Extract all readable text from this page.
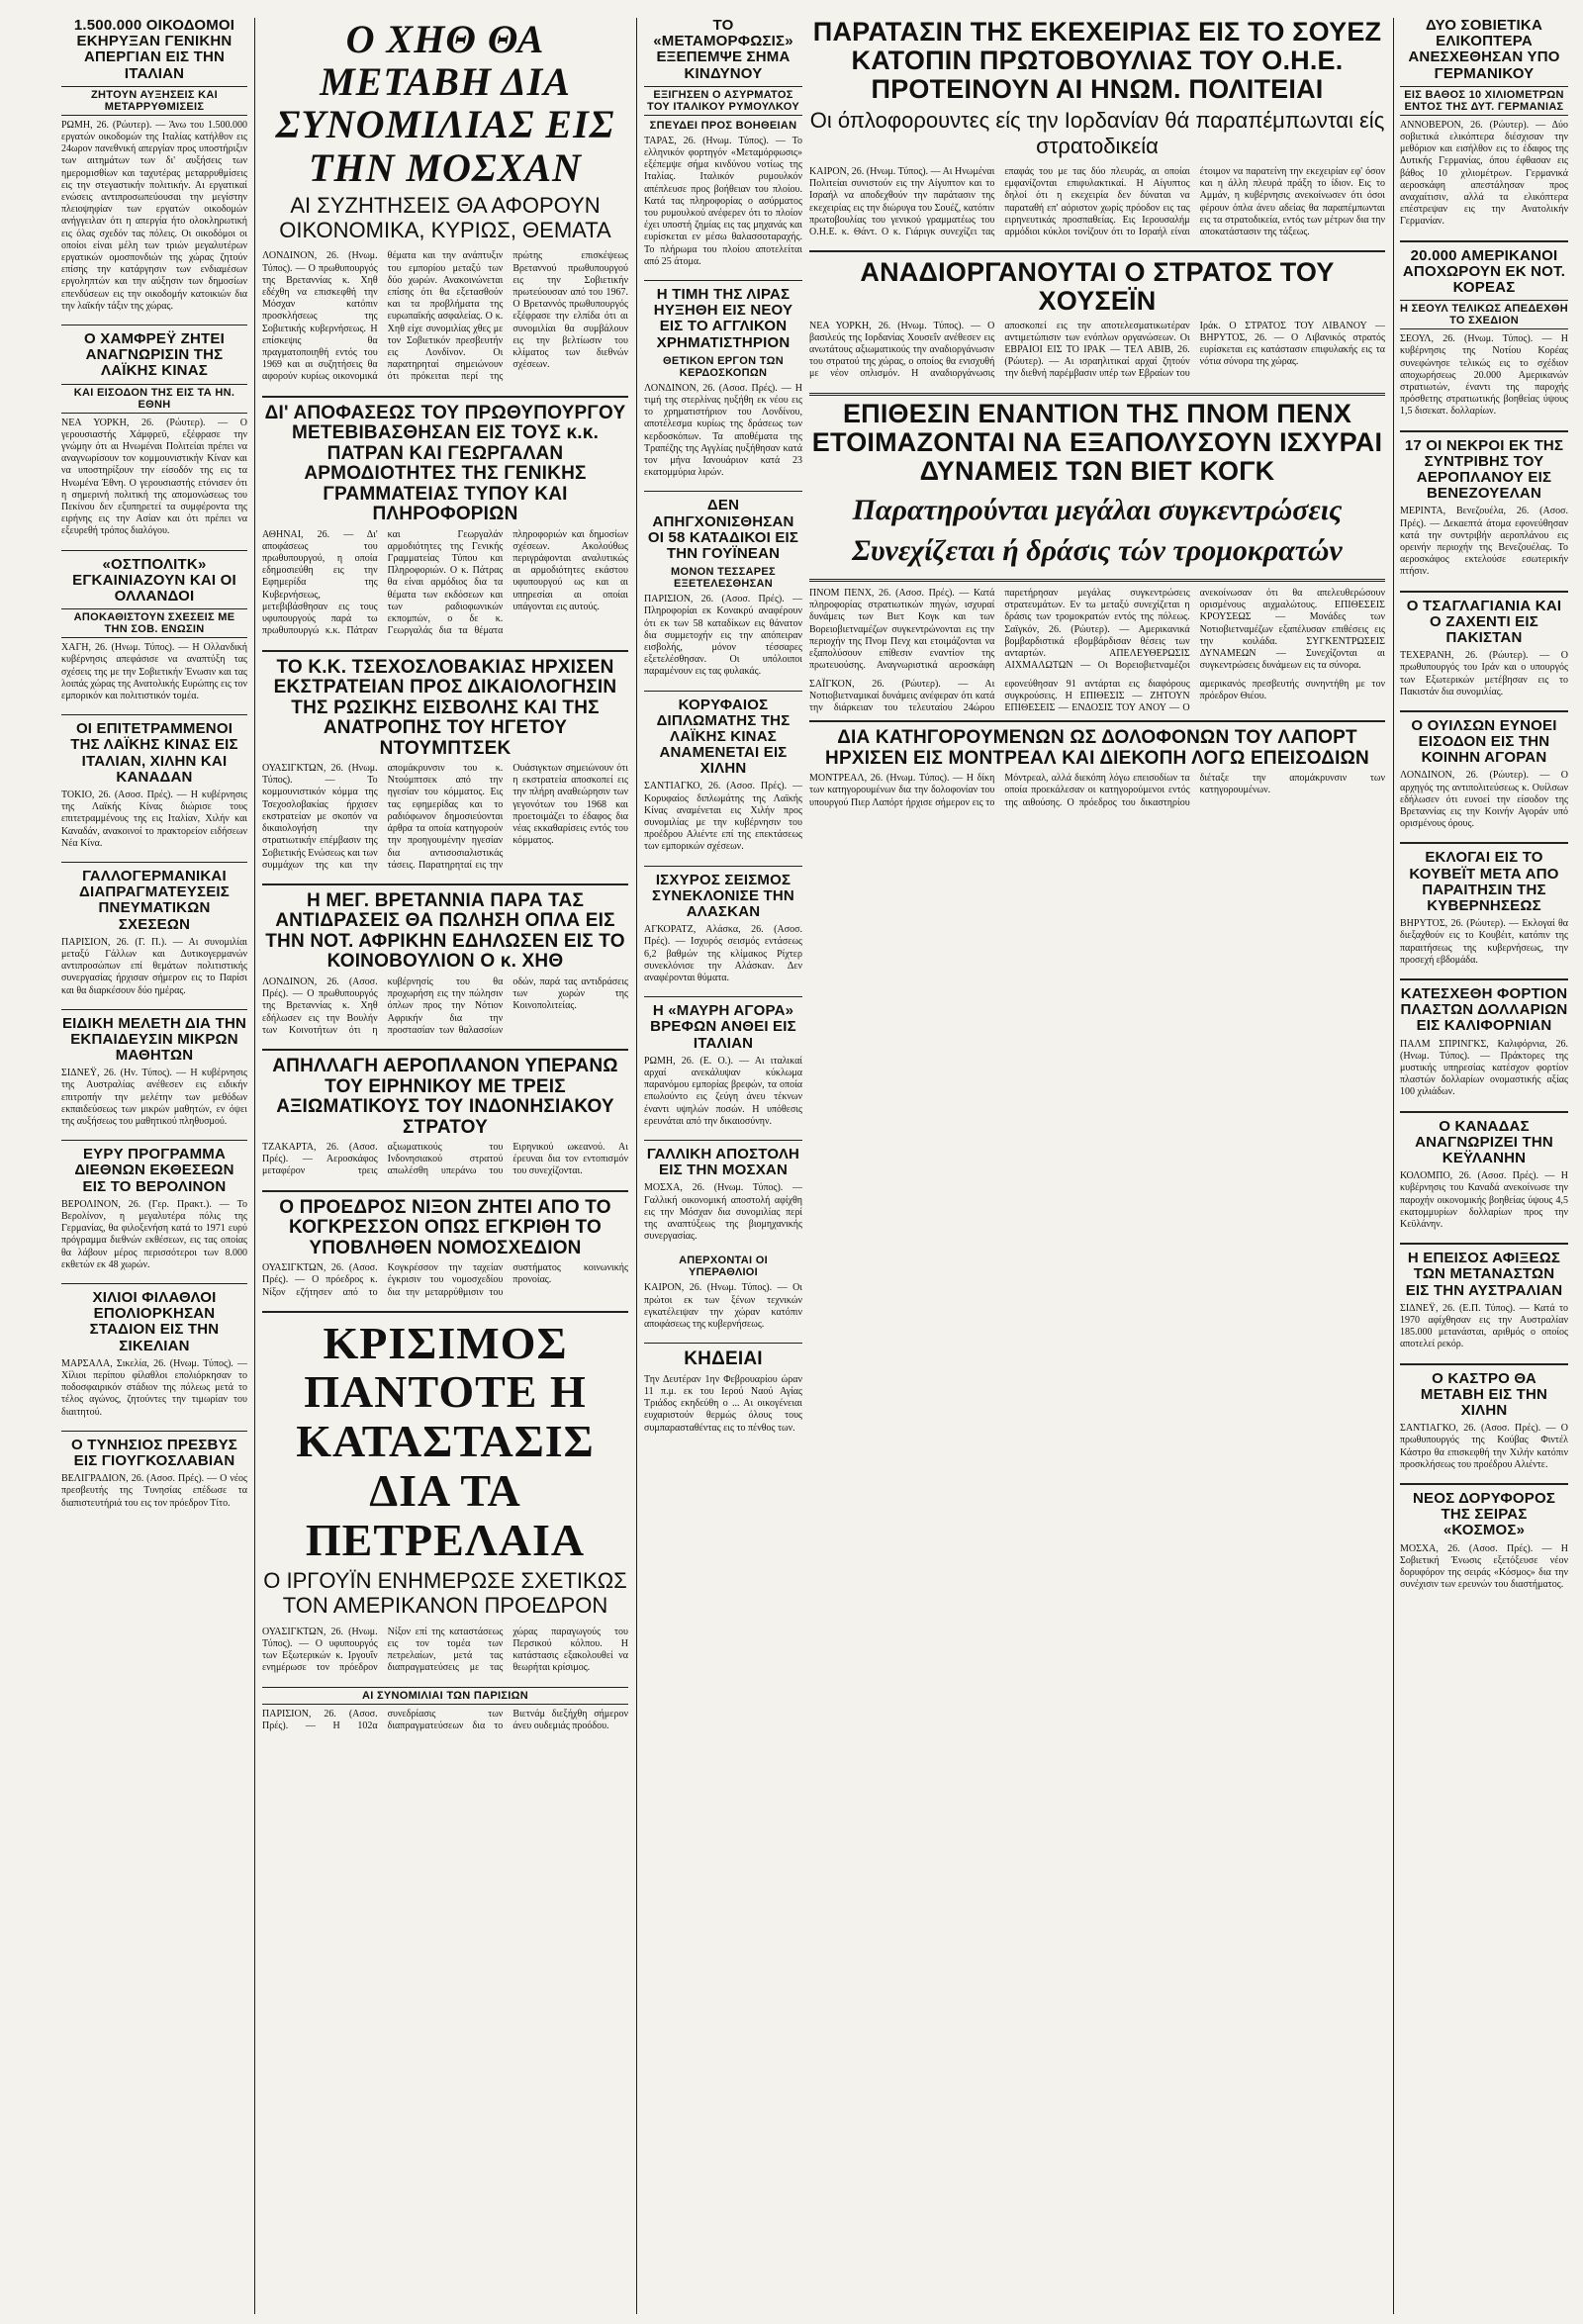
1.500.000 ΟΙΚΟΔΟΜΟΙ ΕΚΗΡΥΞΑΝ ΓΕΝΙΚΗΝ ΑΠΕΡΓΙΑΝ ΕΙΣ ΤΗΝ ΙΤΑΛΙΑΝ
ΖΗΤΟΥΝ ΑΥΞΗΣΕΙΣ ΚΑΙ ΜΕΤΑΡΡΥΘΜΙΣΕΙΣ

ΡΩΜΗ, 26. (Ρώυτερ). — Άνω του 1.500.000 εργατών οικοδομών της Ιταλίας κατήλθον εις 24ωρον πανεθνική απεργίαν προς υποστήριξιν των αιτημάτων των δι' αυξήσεις των ημερομισθίων και ταχυτέρας μεταρρυθμίσεις εις την στεγαστικήν πολιτικήν. Αι εργατικαί ενώσεις αντιπροσωπεύουσαι την μεγίστην πλειοψηφίαν των εργατών οικοδομών ανήγγειλαν ότι η απεργία ήτο ολοκληρωτική εις όλας σχεδόν τας πόλεις. Οι οικοδόμοι οι οποίοι είναι μέλη των τριών μεγαλυτέρων εργατικών ομοσπονδιών της χώρας ζητούν επίσης την κατάργησιν των ενδιαμέσων εργοληπτών και την αύξησιν των δημοσίων επενδύσεων εις την οικοδομήν κατοικιών δια την λαϊκήν τάξιν της χώρας.

Ο ΧΑΜΦΡΕΫ ΖΗΤΕΙ ΑΝΑΓΝΩΡΙΣΙΝ ΤΗΣ ΛΑΪΚΗΣ ΚΙΝΑΣ
ΚΑΙ ΕΙΣΟΔΟΝ ΤΗΣ ΕΙΣ ΤΑ ΗΝ. ΕΘΝΗ

ΝΕΑ ΥΟΡΚΗ, 26. (Ρώυτερ). — Ο γερουσιαστής Χάμφρεϋ, εξέφρασε την γνώμην ότι αι Ηνωμέναι Πολιτείαι πρέπει να αναγνωρίσουν τον κομμουνιστικήν Κίναν και να υποστηρίξουν την είσοδόν της εις τα Ηνωμένα Έθνη. Ο γερουσιαστής ετόνισεν ότι η σημερινή πολιτική της απομονώσεως του Πεκίνου δεν εξυπηρετεί τα συμφέροντα της ειρήνης εις την Ασίαν και ότι πρέπει να εξευρεθή τρόπος διαλόγου.

«ΟΣΤΠΟΛΙΤΚ» ΕΓΚΑΙΝΙΑΖΟΥΝ ΚΑΙ ΟΙ ΟΛΛΑΝΔΟΙ
ΑΠΟΚΑΘΙΣΤΟΥΝ ΣΧΕΣΕΙΣ ΜΕ ΤΗΝ ΣΟΒ. ΕΝΩΣΙΝ

ΧΑΓΗ, 26. (Ηνωμ. Τύπος). — Η Ολλανδική κυβέρνησις απεφάσισε να αναπτύξη τας σχέσεις της με την Σοβιετικήν Ένωσιν και τας λοιπάς χώρας της Ανατολικής Ευρώπης εις τον εμπορικόν και πολιτιστικόν τομέα.

ΟΙ ΕΠΙΤΕΤΡΑΜΜΕΝΟΙ ΤΗΣ ΛΑΪΚΗΣ ΚΙΝΑΣ ΕΙΣ ΙΤΑΛΙΑΝ, ΧΙΛΗΝ ΚΑΙ ΚΑΝΑΔΑΝ

ΤΟΚΙΟ, 26. (Ασοσ. Πρές). — Η κυβέρνησις της Λαϊκής Κίνας διώρισε τους επιτετραμμένους της εις Ιταλίαν, Χιλήν και Καναδάν, ανακοινοί το πρακτορείον ειδήσεων Νέα Κίνα.

ΓΑΛΛΟΓΕΡΜΑΝΙΚΑΙ ΔΙΑΠΡΑΓΜΑΤΕΥΣΕΙΣ ΠΝΕΥΜΑΤΙΚΩΝ ΣΧΕΣΕΩΝ

ΠΑΡΙΣΙΟΝ, 26. (Γ. Π.). — Αι συνομιλίαι μεταξύ Γάλλων και Δυτικογερμανών αντιπροσώπων επί θεμάτων πολιτιστικής συνεργασίας ήρχισαν σήμερον εις το Παρίσι και θα διαρκέσουν δύο ημέρας.

ΕΙΔΙΚΗ ΜΕΛΕΤΗ ΔΙΑ ΤΗΝ ΕΚΠΑΙΔΕΥΣΙΝ ΜΙΚΡΩΝ ΜΑΘΗΤΩΝ

ΣΙΔΝΕΫ, 26. (Ην. Τύπος). — Η κυβέρνησις της Αυστραλίας ανέθεσεν εις ειδικήν επιτροπήν την μελέτην των μεθόδων εκπαιδεύσεως των μικρών μαθητών, εν όψει της αυξήσεως του μαθητικού πληθυσμού.

ΕΥΡΥ ΠΡΟΓΡΑΜΜΑ ΔΙΕΘΝΩΝ ΕΚΘΕΣΕΩΝ ΕΙΣ ΤΟ ΒΕΡΟΛΙΝΟΝ

ΒΕΡΟΛΙΝΟΝ, 26. (Γερ. Πρακτ.). — Το Βερολίνον, η μεγαλυτέρα πόλις της Γερμανίας, θα φιλοξενήση κατά το 1971 ευρύ πρόγραμμα διεθνών εκθέσεων, εις τας οποίας θα λάβουν μέρος περισσότεροι των 8.000 εκθετών εκ 48 χωρών.

ΧΙΛΙΟΙ ΦΙΛΑΘΛΟΙ ΕΠΟΛΙΟΡΚΗΣΑΝ ΣΤΑΔΙΟΝ ΕΙΣ ΤΗΝ ΣΙΚΕΛΙΑΝ

ΜΑΡΣΑΛΑ, Σικελία, 26. (Ηνωμ. Τύπος). — Χίλιοι περίπου φίλαθλοι επολιόρκησαν το ποδοσφαιρικόν στάδιον της πόλεως μετά το τέλος αγώνος, ζητούντες την τιμωρίαν του διαιτητού.

Ο ΤΥΝΗΣΙΟΣ ΠΡΕΣΒΥΣ ΕΙΣ ΓΙΟΥΓΚΟΣΛΑΒΙΑΝ

ΒΕΛΙΓΡΑΔΙΟΝ, 26. (Ασοσ. Πρές). — Ο νέος πρεσβευτής της Τυνησίας επέδωσε τα διαπιστευτήριά του εις τον πρόεδρον Τίτο.

Ο ΧΗΘ ΘΑ ΜΕΤΑΒΗ ΔΙΑ ΣΥΝΟΜΙΛΙΑΣ ΕΙΣ ΤΗΝ ΜΟΣΧΑΝ
ΑΙ ΣΥΖΗΤΗΣΕΙΣ ΘΑ ΑΦΟΡΟΥΝ ΟΙΚΟΝΟΜΙΚΑ, ΚΥΡΙΩΣ, ΘΕΜΑΤΑ

ΛΟΝΔΙΝΟΝ, 26. (Ηνωμ. Τύπος). — Ο πρωθυπουργός της Βρεταννίας κ. Χηθ εδέχθη να επισκεφθή την Μόσχαν κατόπιν προσκλήσεως της Σοβιετικής κυβερνήσεως. Η επίσκεψις θα πραγματοποιηθή εντός του 1969 και αι συζητήσεις θα αφορούν κυρίως οικονομικά θέματα και την ανάπτυξιν του εμπορίου μεταξύ των δύο χωρών. Ανακοινώνεται επίσης ότι θα εξετασθούν και τα προβλήματα της ευρωπαϊκής ασφαλείας. Ο κ. Χηθ είχε συνομιλίας χθες με τον Σοβιετικόν πρεσβευτήν εις Λονδίνον. Οι παρατηρηταί σημειώνουν ότι πρόκειται περί της πρώτης επισκέψεως Βρεταννού πρωθυπουργού εις την Σοβιετικήν πρωτεύουσαν από του 1967. Ο Βρεταννός πρωθυπουργός εξέφρασε την ελπίδα ότι αι συνομιλίαι θα συμβάλουν εις την βελτίωσιν του κλίματος των διεθνών σχέσεων.

ΔΙ' ΑΠΟΦΑΣΕΩΣ ΤΟΥ ΠΡΩΘΥΠΟΥΡΓΟΥ ΜΕΤΕΒΙΒΑΣΘΗΣΑΝ ΕΙΣ ΤΟΥΣ κ.κ. ΠΑΤΡΑΝ ΚΑΙ ΓΕΩΡΓΑΛΑΝ ΑΡΜΟΔΙΟΤΗΤΕΣ ΤΗΣ ΓΕΝΙΚΗΣ ΓΡΑΜΜΑΤΕΙΑΣ ΤΥΠΟΥ ΚΑΙ ΠΛΗΡΟΦΟΡΙΩΝ

ΑΘΗΝΑΙ, 26. — Δι' αποφάσεως του πρωθυπουργού, η οποία εδημοσιεύθη εις την Εφημερίδα της Κυβερνήσεως, μετεβιβάσθησαν εις τους υφυπουργούς παρά τω πρωθυπουργώ κ.κ. Πάτραν και Γεωργαλάν αρμοδιότητες της Γενικής Γραμματείας Τύπου και Πληροφοριών. Ο κ. Πάτρας θα είναι αρμόδιος δια τα θέματα των εκδόσεων και των ραδιοφωνικών εκπομπών, ο δε κ. Γεωργαλάς δια τα θέματα πληροφοριών και δημοσίων σχέσεων. Ακολούθως περιγράφονται αναλυτικώς αι αρμοδιότητες εκάστου υφυπουργού ως και αι υπηρεσίαι αι οποίαι υπάγονται εις αυτούς.

ΤΟ Κ.Κ. ΤΣΕΧΟΣΛΟΒΑΚΙΑΣ ΗΡΧΙΣΕΝ ΕΚΣΤΡΑΤΕΙΑΝ ΠΡΟΣ ΔΙΚΑΙΟΛΟΓΗΣΙΝ ΤΗΣ ΡΩΣΙΚΗΣ ΕΙΣΒΟΛΗΣ ΚΑΙ ΤΗΣ ΑΝΑΤΡΟΠΗΣ ΤΟΥ ΗΓΕΤΟΥ ΝΤΟΥΜΠΤΣΕΚ

ΟΥΑΣΙΓΚΤΩΝ, 26. (Ηνωμ. Τύπος). — Το κομμουνιστικόν κόμμα της Τσεχοσλοβακίας ήρχισεν εκστρατείαν με σκοπόν να δικαιολογήση την στρατιωτικήν επέμβασιν της Σοβιετικής Ενώσεως και των συμμάχων της και την απομάκρυνσιν του κ. Ντούμπτσεκ από την ηγεσίαν του κόμματος. Εις τας εφημερίδας και το ραδιόφωνον δημοσιεύονται άρθρα τα οποία κατηγορούν την προηγουμένην ηγεσίαν δια αντισοσιαλιστικάς τάσεις. Παρατηρηταί εις την Ουάσιγκτων σημειώνουν ότι η εκστρατεία αποσκοπεί εις την πλήρη αναθεώρησιν των γεγονότων του 1968 και προετοιμάζει το έδαφος δια νέας εκκαθαρίσεις εντός του κόμματος.

Η ΜΕΓ. ΒΡΕΤΑΝΝΙΑ ΠΑΡΑ ΤΑΣ ΑΝΤΙΔΡΑΣΕΙΣ ΘΑ ΠΩΛΗΣΗ ΟΠΛΑ ΕΙΣ ΤΗΝ ΝΟΤ. ΑΦΡΙΚΗΝ ΕΔΗΛΩΣΕΝ ΕΙΣ ΤΟ ΚΟΙΝΟΒΟΥΛΙΟΝ Ο κ. ΧΗΘ

ΛΟΝΔΙΝΟΝ, 26. (Ασοσ. Πρές). — Ο πρωθυπουργός της Βρεταννίας κ. Χηθ εδήλωσεν εις την Βουλήν των Κοινοτήτων ότι η κυβέρνησίς του θα προχωρήση εις την πώλησιν όπλων προς την Νότιον Αφρικήν δια την προστασίαν των θαλασσίων οδών, παρά τας αντιδράσεις των χωρών της Κοινοπολιτείας.

ΑΠΗΛΛΑΓΗ ΑΕΡΟΠΛΑΝΟΝ ΥΠΕΡΑΝΩ ΤΟΥ ΕΙΡΗΝΙΚΟΥ ΜΕ ΤΡΕΙΣ ΑΞΙΩΜΑΤΙΚΟΥΣ ΤΟΥ ΙΝΔΟΝΗΣΙΑΚΟΥ ΣΤΡΑΤΟΥ

ΤΖΑΚΑΡΤΑ, 26. (Ασοσ. Πρές). — Αεροσκάφος μεταφέρον τρεις αξιωματικούς του Ινδονησιακού στρατού απωλέσθη υπεράνω του Ειρηνικού ωκεανού. Αι έρευναι δια τον εντοπισμόν του συνεχίζονται.

Ο ΠΡΟΕΔΡΟΣ ΝΙΞΟΝ ΖΗΤΕΙ ΑΠΟ ΤΟ ΚΟΓΚΡΕΣΣΟΝ ΟΠΩΣ ΕΓΚΡΙΘΗ ΤΟ ΥΠΟΒΛΗΘΕΝ ΝΟΜΟΣΧΕΔΙΟΝ

ΟΥΑΣΙΓΚΤΩΝ, 26. (Ασοσ. Πρές). — Ο πρόεδρος κ. Νίξον εζήτησεν από το Κογκρέσσον την ταχείαν έγκρισιν του νομοσχεδίου δια την μεταρρύθμισιν του συστήματος κοινωνικής προνοίας.

ΚΡΙΣΙΜΟΣ ΠΑΝΤΟΤΕ Η ΚΑΤΑΣΤΑΣΙΣ ΔΙΑ ΤΑ ΠΕΤΡΕΛΑΙΑ
Ο ΙΡΓΟΥΪΝ ΕΝΗΜΕΡΩΣΕ ΣΧΕΤΙΚΩΣ ΤΟΝ ΑΜΕΡΙΚΑΝΟΝ ΠΡΟΕΔΡΟΝ

ΟΥΑΣΙΓΚΤΩΝ, 26. (Ηνωμ. Τύπος). — Ο υφυπουργός των Εξωτερικών κ. Ιργουΐν ενημέρωσε τον πρόεδρον Νίξον επί της καταστάσεως εις τον τομέα των πετρελαίων, μετά τας διαπραγματεύσεις με τας χώρας παραγωγούς του Περσικού κόλπου. Η κατάστασις εξακολουθεί να θεωρήται κρίσιμος.

ΑΙ ΣΥΝΟΜΙΛΙΑΙ ΤΩΝ ΠΑΡΙΣΙΩΝ

ΠΑΡΙΣΙΟΝ, 26. (Ασοσ. Πρές). — Η 102α συνεδρίασις των διαπραγματεύσεων δια το Βιετνάμ διεξήχθη σήμερον άνευ ουδεμιάς προόδου.

ΤΟ «ΜΕΤΑΜΟΡΦΩΣΙΣ» ΕΞΕΠΕΜΨΕ ΣΗΜΑ ΚΙΝΔΥΝΟΥ
ΕΞΙΓΗΣΕΝ Ο ΑΣΥΡΜΑΤΟΣ ΤΟΥ ΙΤΑΛΙΚΟΥ ΡΥΜΟΥΛΚΟΥ
ΣΠΕΥΔΕΙ ΠΡΟΣ ΒΟΗΘΕΙΑΝ

ΤΑΡΑΣ, 26. (Ηνωμ. Τύπος). — Το ελληνικόν φορτηγόν «Μεταμόρφωσις» εξέπεμψε σήμα κινδύνου νοτίως της Ιταλίας. Ιταλικόν ρυμουλκόν απέπλευσε προς βοήθειαν του πλοίου. Κατά τας πληροφορίας ο ασύρματος του ρυμουλκού ανέφερεν ότι το πλοίον έχει υποστή ζημίας εις τας μηχανάς και ευρίσκεται εν μέσω θαλασσοταραχής. Το πλήρωμα του πλοίου αποτελείται από 25 άτομα.

Η ΤΙΜΗ ΤΗΣ ΛΙΡΑΣ ΗΥΞΗΘΗ ΕΙΣ ΝΕΟΥ ΕΙΣ ΤΟ ΑΓΓΛΙΚΟΝ ΧΡΗΜΑΤΙΣΤΗΡΙΟΝ
ΘΕΤΙΚΟΝ ΕΡΓΟΝ ΤΩΝ ΚΕΡΔΟΣΚΟΠΩΝ

ΛΟΝΔΙΝΟΝ, 26. (Ασοσ. Πρές). — Η τιμή της στερλίνας ηυξήθη εκ νέου εις το χρηματιστήριον του Λονδίνου, αποτέλεσμα κυρίως της δράσεως των κερδοσκόπων. Τα αποθέματα της Τραπέζης της Αγγλίας ηυξήθησαν κατά τον μήνα Ιανουάριον κατά 23 εκατομμύρια λιρών.

ΔΕΝ ΑΠΗΓΧΟΝΙΣΘΗΣΑΝ ΟΙ 58 ΚΑΤΑΔΙΚΟΙ ΕΙΣ ΤΗΝ ΓΟΥΪΝΕΑΝ
ΜΟΝΟΝ ΤΕΣΣΑΡΕΣ ΕΞΕΤΕΛΕΣΘΗΣΑΝ

ΠΑΡΙΣΙΟΝ, 26. (Ασοσ. Πρές). — Πληροφορίαι εκ Κονακρύ αναφέρουν ότι εκ των 58 καταδίκων εις θάνατον δια συμμετοχήν εις την απόπειραν εισβολής, μόνον τέσσαρες εξετελέσθησαν. Οι υπόλοιποι παραμένουν εις τας φυλακάς.

ΚΟΡΥΦΑΙΟΣ ΔΙΠΛΩΜΑΤΗΣ ΤΗΣ ΛΑΪΚΗΣ ΚΙΝΑΣ ΑΝΑΜΕΝΕΤΑΙ ΕΙΣ ΧΙΛΗΝ

ΣΑΝΤΙΑΓΚΟ, 26. (Ασοσ. Πρές). — Κορυφαίος διπλωμάτης της Λαϊκής Κίνας αναμένεται εις Χιλήν προς συνομιλίας με την κυβέρνησιν του προέδρου Αλιέντε επί της επεκτάσεως των εμπορικών σχέσεων.

ΙΣΧΥΡΟΣ ΣΕΙΣΜΟΣ ΣΥΝΕΚΛΟΝΙΣΕ ΤΗΝ ΑΛΑΣΚΑΝ

ΑΓΚΟΡΑΤΖ, Αλάσκα, 26. (Ασοσ. Πρές). — Ισχυρός σεισμός εντάσεως 6,2 βαθμών της κλίμακος Ρίχτερ συνεκλόνισε την Αλάσκαν. Δεν αναφέρονται θύματα.

Η «ΜΑΥΡΗ ΑΓΟΡΑ» ΒΡΕΦΩΝ ΑΝΘΕΙ ΕΙΣ ΙΤΑΛΙΑΝ

ΡΩΜΗ, 26. (Ε. Ο.). — Αι ιταλικαί αρχαί ανεκάλυψαν κύκλωμα παρανόμου εμπορίας βρεφών, τα οποία επωλούντο εις ζεύγη άνευ τέκνων έναντι υψηλών ποσών. Η υπόθεσις ερευνάται από την δικαιοσύνην.

ΓΑΛΛΙΚΗ ΑΠΟΣΤΟΛΗ ΕΙΣ ΤΗΝ ΜΟΣΧΑΝ

ΜΟΣΧΑ, 26. (Ηνωμ. Τύπος). — Γαλλική οικονομική αποστολή αφίχθη εις την Μόσχαν δια συνομιλίας περί της αναπτύξεως της βιομηχανικής συνεργασίας.

ΑΠΕΡΧΟΝΤΑΙ ΟΙ ΥΠΕΡΑΘΛΙΟΙ

ΚΑΙΡΟΝ, 26. (Ηνωμ. Τύπος). — Οι πρώτοι εκ των ξένων τεχνικών εγκατέλειψαν την χώραν κατόπιν αποφάσεως της κυβερνήσεως.

ΚΗΔΕΙΑΙ

Την Δευτέραν 1ην Φεβρουαρίου ώραν 11 π.μ. εκ του Ιερού Ναού Αγίας Τριάδος εκηδεύθη ο ... Αι οικογένειαι ευχαριστούν θερμώς όλους τους συμπαρασταθέντας εις το πένθος των.

ΠΑΡΑΤΑΣΙΝ ΤΗΣ ΕΚΕΧΕΙΡΙΑΣ ΕΙΣ ΤΟ ΣΟΥΕΖ ΚΑΤΟΠΙΝ ΠΡΩΤΟΒΟΥΛΙΑΣ ΤΟΥ Ο.Η.Ε. ΠΡΟΤΕΙΝΟΥΝ ΑΙ ΗΝΩΜ. ΠΟΛΙΤΕΙΑΙ
Οι όπλοφορουντες είς την Ιορδανίαν θά παραπέμπωνται είς στρατοδικεία

ΚΑΙΡΟΝ, 26. (Ηνωμ. Τύπος). — Αι Ηνωμέναι Πολιτείαι συνιστούν εις την Αίγυπτον και το Ισραήλ να αποδεχθούν την παράτασιν της εκεχειρίας εις την διώρυγα του Σουέζ, κατόπιν πρωτοβουλίας του γενικού γραμματέως του Ο.Η.Ε. κ. Θάντ. Ο κ. Γιάριγκ συνεχίζει τας επαφάς του με τας δύο πλευράς, αι οποίαι εμφανίζονται επιφυλακτικαί. Η Αίγυπτος δηλοί ότι η εκεχειρία δεν δύναται να παραταθή επ' αόριστον χωρίς πρόοδον εις τας ειρηνευτικάς προσπαθείας. Εις Ιερουσαλήμ αρμόδιοι κύκλοι τονίζουν ότι το Ισραήλ είναι έτοιμον να παρατείνη την εκεχειρίαν εφ' όσον και η άλλη πλευρά πράξη το ίδιον. Εις το Αμμάν, η κυβέρνησις ανεκοίνωσεν ότι όσοι φέρουν όπλα άνευ αδείας θα παραπέμπωνται εις τα στρατοδικεία, εντός των μέτρων δια την αποκατάστασιν της τάξεως.

ΑΝΑΔΙΟΡΓΑΝΟΥΤΑΙ Ο ΣΤΡΑΤΟΣ ΤΟΥ ΧΟΥΣΕΪΝ

ΝΕΑ ΥΟΡΚΗ, 26. (Ηνωμ. Τύπος). — Ο βασιλεύς της Ιορδανίας Χουσεΐν ανέθεσεν εις ανωτάτους αξιωματικούς την αναδιοργάνωσιν του στρατού της χώρας, ο οποίος θα ενισχυθή με νέον οπλισμόν. Η αναδιοργάνωσις αποσκοπεί εις την αποτελεσματικωτέραν αντιμετώπισιν των ενόπλων οργανώσεων. Οι ΕΒΡΑΙΟΙ ΕΙΣ ΤΟ ΙΡΑΚ — ΤΕΛ ΑΒΙΒ, 26. (Ρώυτερ). — Αι ισραηλιτικαί αρχαί ζητούν την διεθνή παρέμβασιν υπέρ των Εβραίων του Ιράκ. Ο ΣΤΡΑΤΟΣ ΤΟΥ ΛΙΒΑΝΟΥ — ΒΗΡΥΤΟΣ, 26. — Ο Λιβανικός στρατός ευρίσκεται εις κατάστασιν επιφυλακής εις τα νότια σύνορα της χώρας.

ΕΠΙΘΕΣΙΝ ΕΝΑΝΤΙΟΝ ΤΗΣ ΠΝΟΜ ΠΕΝΧ ΕΤΟΙΜΑΖΟΝΤΑΙ ΝΑ ΕΞΑΠΟΛΥΣΟΥΝ ΙΣΧΥΡΑΙ ΔΥΝΑΜΕΙΣ ΤΩΝ ΒΙΕΤ ΚΟΓΚ
Παρατηρούνται μεγάλαι συγκεντρώσεις
Συνεχίζεται ή δράσις τών τρομοκρατών

ΠΝΟΜ ΠΕΝΧ, 26. (Ασοσ. Πρές). — Κατά πληροφορίας στρατιωτικών πηγών, ισχυραί δυνάμεις των Βιετ Κογκ και των Βορειοβιετναμέζων συγκεντρώνονται εις την περιοχήν της Πνομ Πενχ και ετοιμάζονται να εξαπολύσουν επίθεσιν εναντίον της πρωτευούσης. Αναγνωριστικά αεροσκάφη παρετήρησαν μεγάλας συγκεντρώσεις στρατευμάτων. Εν τω μεταξύ συνεχίζεται η δράσις των τρομοκρατών εντός της πόλεως. Σαϊγκόν, 26. (Ρώυτερ). — Αμερικανικά βομβαρδιστικά εβομβάρδισαν θέσεις των ανταρτών. ΑΠΕΛΕΥΘΕΡΩΣΙΣ ΑΙΧΜΑΛΩΤΩΝ — Οι Βορειοβιετναμέζοι ανεκοίνωσαν ότι θα απελευθερώσουν ορισμένους αιχμαλώτους. ΕΠΙΘΕΣΕΙΣ ΚΡΟΥΣΕΩΣ — Μονάδες των Νοτιοβιετναμέζων εξαπέλυσαν επιθέσεις εις την κοιλάδα. ΣΥΓΚΕΝΤΡΩΣΕΙΣ ΔΥΝΑΜΕΩΝ — Συνεχίζονται αι συγκεντρώσεις δυνάμεων εις τα σύνορα.

ΣΑΪΓΚΟΝ, 26. (Ρώυτερ). — Αι Νοτιοβιετναμικαί δυνάμεις ανέφεραν ότι κατά την διάρκειαν του τελευταίου 24ώρου εφονεύθησαν 91 αντάρται εις διαφόρους συγκρούσεις. Η ΕΠΙΘΕΣΙΣ — ΖΗΤΟΥΝ ΕΠΙΘΕΣΕΙΣ — ΕΝΔΟΣΙΣ ΤΟΥ ΑΝΟΥ — Ο αμερικανός πρεσβευτής συνηντήθη με τον πρόεδρον Θιέου.

ΔΙΑ ΚΑΤΗΓΟΡΟΥΜΕΝΩΝ ΩΣ ΔΟΛΟΦΟΝΩΝ ΤΟΥ ΛΑΠΟΡΤ ΗΡΧΙΣΕΝ ΕΙΣ ΜΟΝΤΡΕΑΛ ΚΑΙ ΔΙΕΚΟΠΗ ΛΟΓΩ ΕΠΕΙΣΟΔΙΩΝ

ΜΟΝΤΡΕΑΛ, 26. (Ηνωμ. Τύπος). — Η δίκη των κατηγορουμένων δια την δολοφονίαν του υπουργού Πιερ Λαπόρτ ήρχισε σήμερον εις το Μόντρεαλ, αλλά διεκόπη λόγω επεισοδίων τα οποία προεκάλεσαν οι κατηγορούμενοι εντός της αιθούσης. Ο πρόεδρος του δικαστηρίου διέταξε την απομάκρυνσιν των κατηγορουμένων.

ΔΥΟ ΣΟΒΙΕΤΙΚΑ ΕΛΙΚΟΠΤΕΡΑ ΑΝΕΣΧΕΘΗΣΑΝ ΥΠΟ ΓΕΡΜΑΝΙΚΟΥ
ΕΙΣ ΒΑΘΟΣ 10 ΧΙΛΙΟΜΕΤΡΩΝ ΕΝΤΟΣ ΤΗΣ ΔΥΤ. ΓΕΡΜΑΝΙΑΣ

ΑΝΝΟΒΕΡΟΝ, 26. (Ρώυτερ). — Δύο σοβιετικά ελικόπτερα διέσχισαν την μεθόριον και εισήλθον εις το έδαφος της Δυτικής Γερμανίας, όπου έφθασαν εις βάθος 10 χιλιομέτρων. Γερμανικά αεροσκάφη απεστάλησαν προς αναχαίτισιν, αλλά τα ελικόπτερα επέστρεψαν εις την Ανατολικήν Γερμανίαν.

20.000 ΑΜΕΡΙΚΑΝΟΙ ΑΠΟΧΩΡΟΥΝ ΕΚ ΝΟΤ. ΚΟΡΕΑΣ
Η ΣΕΟΥΛ ΤΕΛΙΚΩΣ ΑΠΕΔΕΧΘΗ ΤΟ ΣΧΕΔΙΟΝ

ΣΕΟΥΛ, 26. (Ηνωμ. Τύπος). — Η κυβέρνησις της Νοτίου Κορέας συνεφώνησε τελικώς εις το σχέδιον αποχωρήσεως 20.000 Αμερικανών στρατιωτών, έναντι της παροχής πρόσθετης στρατιωτικής βοηθείας ύψους 1,5 δισεκατ. δολλαρίων.

17 ΟΙ ΝΕΚΡΟΙ ΕΚ ΤΗΣ ΣΥΝΤΡΙΒΗΣ ΤΟΥ ΑΕΡΟΠΛΑΝΟΥ ΕΙΣ ΒΕΝΕΖΟΥΕΛΑΝ

ΜΕΡΙΝΤΑ, Βενεζουέλα, 26. (Ασοσ. Πρές). — Δεκαεπτά άτομα εφονεύθησαν κατά την συντριβήν αεροπλάνου εις ορεινήν περιοχήν της Βενεζουέλας. Το αεροσκάφος εκτελούσε εσωτερικήν πτήσιν.

Ο ΤΣΑΓΛΑΓΙΑΝΙΑ ΚΑΙ Ο ΖΑΧΕΝΤΙ ΕΙΣ ΠΑΚΙΣΤΑΝ

ΤΕΧΕΡΑΝΗ, 26. (Ρώυτερ). — Ο πρωθυπουργός του Ιράν και ο υπουργός των Εξωτερικών μετέβησαν εις το Πακιστάν δια συνομιλίας.

Ο ΟΥΙΛΣΩΝ ΕΥΝΟΕΙ ΕΙΣΟΔΟΝ ΕΙΣ ΤΗΝ ΚΟΙΝΗΝ ΑΓΟΡΑΝ

ΛΟΝΔΙΝΟΝ, 26. (Ρώυτερ). — Ο αρχηγός της αντιπολιτεύσεως κ. Ουίλσων εδήλωσεν ότι ευνοεί την είσοδον της Βρεταννίας εις την Κοινήν Αγοράν υπό ορισμένους όρους.

ΕΚΛΟΓΑΙ ΕΙΣ ΤΟ ΚΟΥΒΕΪΤ ΜΕΤΑ ΑΠΟ ΠΑΡΑΙΤΗΣΙΝ ΤΗΣ ΚΥΒΕΡΝΗΣΕΩΣ

ΒΗΡΥΤΟΣ, 26. (Ρώυτερ). — Εκλογαί θα διεξαχθούν εις το Κουβέιτ, κατόπιν της παραιτήσεως της κυβερνήσεως, την προσεχή εβδομάδα.

ΚΑΤΕΣΧΕΘΗ ΦΟΡΤΙΟΝ ΠΛΑΣΤΩΝ ΔΟΛΛΑΡΙΩΝ ΕΙΣ ΚΑΛΙΦΟΡΝΙΑΝ

ΠΑΛΜ ΣΠΡΙΝΓΚΣ, Καλιφόρνια, 26. (Ηνωμ. Τύπος). — Πράκτορες της μυστικής υπηρεσίας κατέσχον φορτίον πλαστών δολλαρίων ονομαστικής αξίας 100 χιλιάδων.

Ο ΚΑΝΑΔΑΣ ΑΝΑΓΝΩΡΙΖΕΙ ΤΗΝ ΚΕΫΛΑΝΗΝ

ΚΟΛΟΜΠΟ, 26. (Ασοσ. Πρές). — Η κυβέρνησις του Καναδά ανεκοίνωσε την παροχήν οικονομικής βοηθείας ύψους 4,5 εκατομμυρίων δολλαρίων προς την Κεϋλάνην.

Η ΕΠΕΙΣΟΣ ΑΦΙΞΕΩΣ ΤΩΝ ΜΕΤΑΝΑΣΤΩΝ ΕΙΣ ΤΗΝ ΑΥΣΤΡΑΛΙΑΝ

ΣΙΔΝΕΫ, 26. (Ε.Π. Τύπος). — Κατά το 1970 αφίχθησαν εις την Αυστραλίαν 185.000 μετανάσται, αριθμός ο οποίος αποτελεί ρεκόρ.

Ο ΚΑΣΤΡΟ ΘΑ ΜΕΤΑΒΗ ΕΙΣ ΤΗΝ ΧΙΛΗΝ

ΣΑΝΤΙΑΓΚΟ, 26. (Ασοσ. Πρές). — Ο πρωθυπουργός της Κούβας Φιντέλ Κάστρο θα επισκεφθή την Χιλήν κατόπιν προσκλήσεως του προέδρου Αλιέντε.

ΝΕΟΣ ΔΟΡΥΦΟΡΟΣ ΤΗΣ ΣΕΙΡΑΣ «ΚΟΣΜΟΣ»

ΜΟΣΧΑ, 26. (Ασοσ. Πρές). — Η Σοβιετική Ένωσις εξετόξευσε νέον δορυφόρον της σειράς «Κόσμος» δια την συνέχισιν των ερευνών του διαστήματος.
